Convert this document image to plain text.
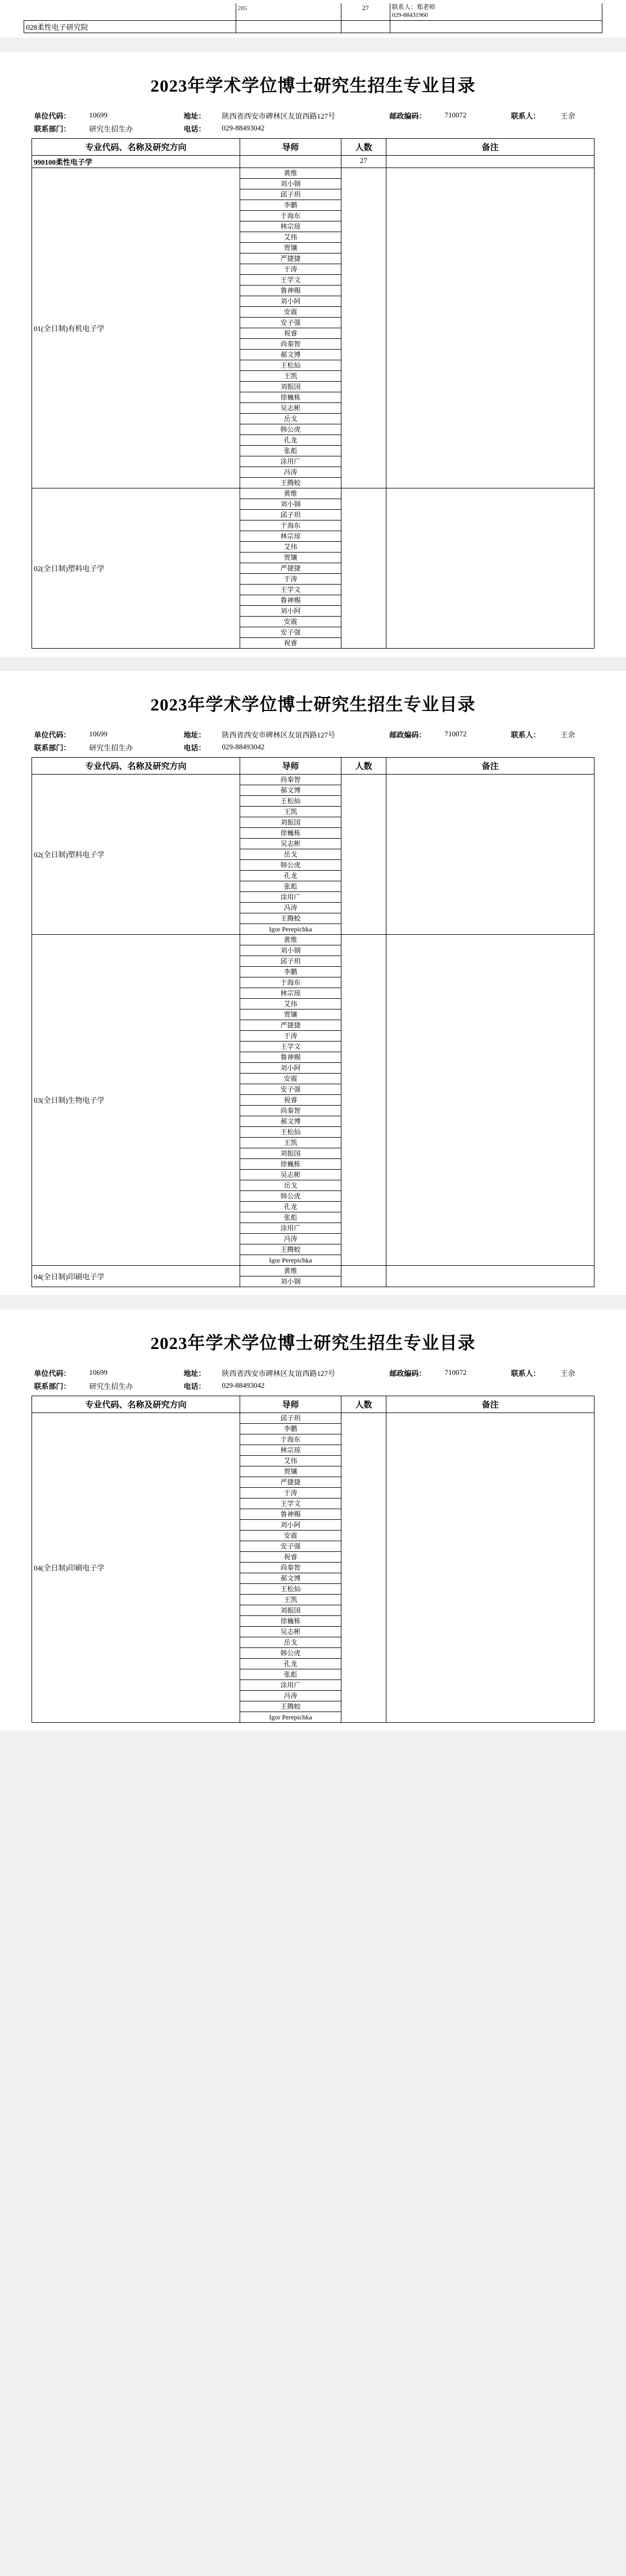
	285	27	联系人：郑老师
029-88431960

028柔性电子研究院			
2023年学术学位博士研究生招生专业目录
单位代码：	10699	地址：	陕西省西安市碑林区友谊西路127号	邮政编码：	710072	联系人：	王余
联系部门：	研究生招生办	电话：	029-88493042				
专业代码、名称及研究方向	导师	人数	备注
990100柔性电子学		27	
01(全日制)有机电子学	黄维		
	刘小钢		
	邱子玥		
	李鹏		
	于海东		
	林宗琼		
	艾伟		
	贾镶		
	严捷捷		
	于涛		
	王学文		
	鲁神赐		
	刘小阿		
	安震		
	安子强		
	祝睿		
	尚秦智		
	郝文博		
	王松仙		
	王凯		
	刘振国		
	徐巍栋		
	吴志彬		
	岳戈		
	韩公虎		
	孔龙		
	张彪		
	涂用广		
	冯涛		
	王腾蛟		
02(全日制)塑料电子学	黄维		
	刘小钢		
	邱子玥		
	于海东		
	林宗琼		
	艾伟		
	贾镶		
	严捷捷		
	于涛		
	王学文		
	鲁神赐		
	刘小阿		
	安震		
	安子强		
	祝睿		
2023年学术学位博士研究生招生专业目录
单位代码：	10699	地址：	陕西省西安市碑林区友谊西路127号	邮政编码：	710072	联系人：	王余
联系部门：	研究生招生办	电话：	029-88493042				
专业代码、名称及研究方向	导师	人数	备注
02(全日制)塑料电子学	尚秦智		
	郝文博		
	王松仙		
	王凯		
	刘振国		
	徐巍栋		
	吴志彬		
	岳戈		
	韩公虎		
	孔龙		
	张彪		
	涂用广		
	冯涛		
	王腾蛟		
	Igor Perepichka		
03(全日制)生物电子学	黄维		
	刘小钢		
	邱子玥		
	李鹏		
	于海东		
	林宗琼		
	艾伟		
	贾镶		
	严捷捷		
	于涛		
	王学文		
	鲁神赐		
	刘小阿		
	安震		
	安子强		
	祝睿		
	尚秦智		
	郝文博		
	王松仙		
	王凯		
	刘振国		
	徐巍栋		
	吴志彬		
	岳戈		
	韩公虎		
	孔龙		
	张彪		
	涂用广		
	冯涛		
	王腾蛟		
	Igor Perepichka		
04(全日制)印刷电子学	黄维		
	刘小钢		
2023年学术学位博士研究生招生专业目录
单位代码：	10699	地址：	陕西省西安市碑林区友谊西路127号	邮政编码：	710072	联系人：	王余
联系部门：	研究生招生办	电话：	029-88493042				
专业代码、名称及研究方向	导师	人数	备注
04(全日制)印刷电子学	邱子玥		
	李鹏		
	于海东		
	林宗琼		
	艾伟		
	贾镶		
	严捷捷		
	于涛		
	王学文		
	鲁神赐		
	刘小阿		
	安震		
	安子强		
	祝睿		
	尚秦智		
	郝文博		
	王松仙		
	王凯		
	刘振国		
	徐巍栋		
	吴志彬		
	岳戈		
	韩公虎		
	孔龙		
	张彪		
	涂用广		
	冯涛		
	王腾蛟		
	Igor Perepichka		
